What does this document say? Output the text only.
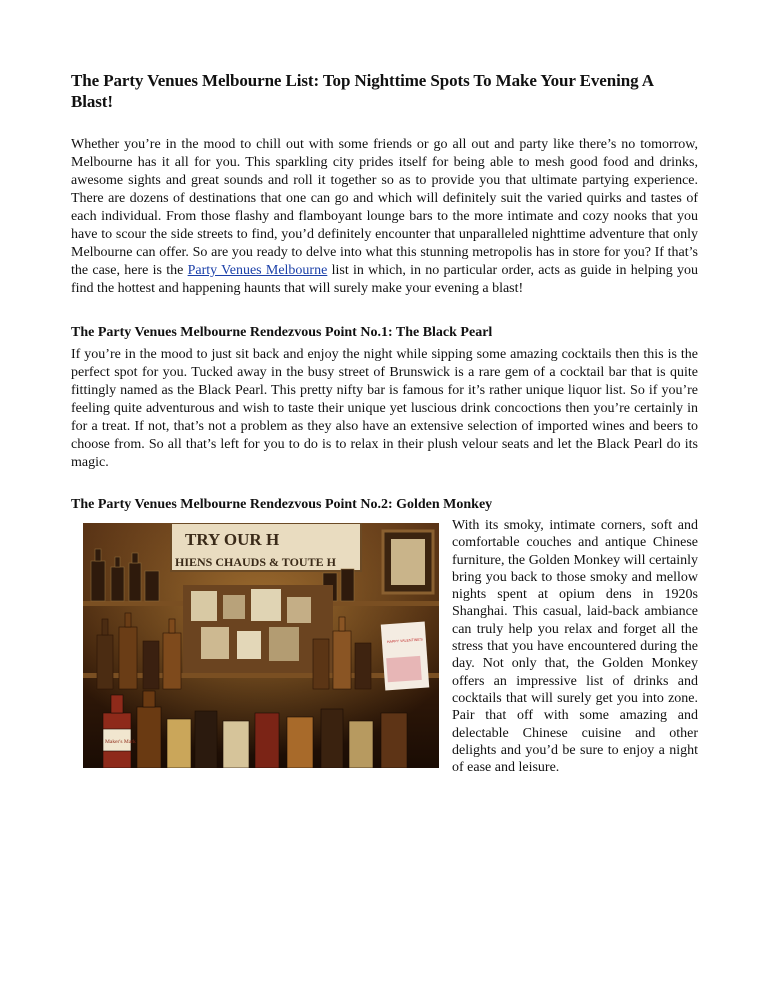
The Party Venues Melbourne List: Top Nighttime Spots To Make Your Evening A Blast!

Whether you’re in the mood to chill out with some friends or go all out and party like there’s no tomorrow, Melbourne has it all for you. This sparkling city prides itself for being able to mesh good food and drinks, awesome sights and great sounds and roll it together so as to provide you that ultimate partying experience. There are dozens of destinations that one can go and which will definitely suit the varied quirks and tastes of each individual. From those flashy and flamboyant lounge bars to the more intimate and cozy nooks that you have to scour the side streets to find, you’d definitely encounter that unparalleled nighttime adventure that only Melbourne can offer. So are you ready to delve into what this stunning metropolis has in store for you? If that’s the case, here is the Party Venues Melbourne list in which, in no particular order, acts as guide in helping you find the hottest and happening haunts that will surely make your evening a blast!

The Party Venues Melbourne Rendezvous Point No.1: The Black Pearl

If you’re in the mood to just sit back and enjoy the night while sipping some amazing cocktails then this is the perfect spot for you. Tucked away in the busy street of Brunswick is a rare gem of a cocktail bar that is quite fittingly named as the Black Pearl. This pretty nifty bar is famous for it’s rather unique liquor list. So if you’re feeling quite adventurous and wish to taste their unique yet luscious drink concoctions then you’re certainly in for a treat. If not, that’s not a problem as they also have an extensive selection of imported wines and beers to choose from. So all that’s left for you to do is to relax in their plush velour seats and let the Black Pearl do its magic.

The Party Venues Melbourne Rendezvous Point No.2: Golden Monkey
TRY OUR H
HIENS CHAUDS & TOUTE H
HAPPY VALENTINE'S
Maker's Mark

With its smoky, intimate corners, soft and comfortable couches and antique Chinese furniture, the Golden Monkey will certainly bring you back to those smoky and mellow nights spent at opium dens in 1920s Shanghai. This casual, laid-back ambiance can truly help you relax and forget all the stress that you have encountered during the day. Not only that, the Golden Monkey offers an impressive list of drinks and cocktails that will surely get you into zone. Pair that off with some amazing and delectable Chinese cuisine and other delights and you’d be sure to enjoy a night of ease and leisure.
